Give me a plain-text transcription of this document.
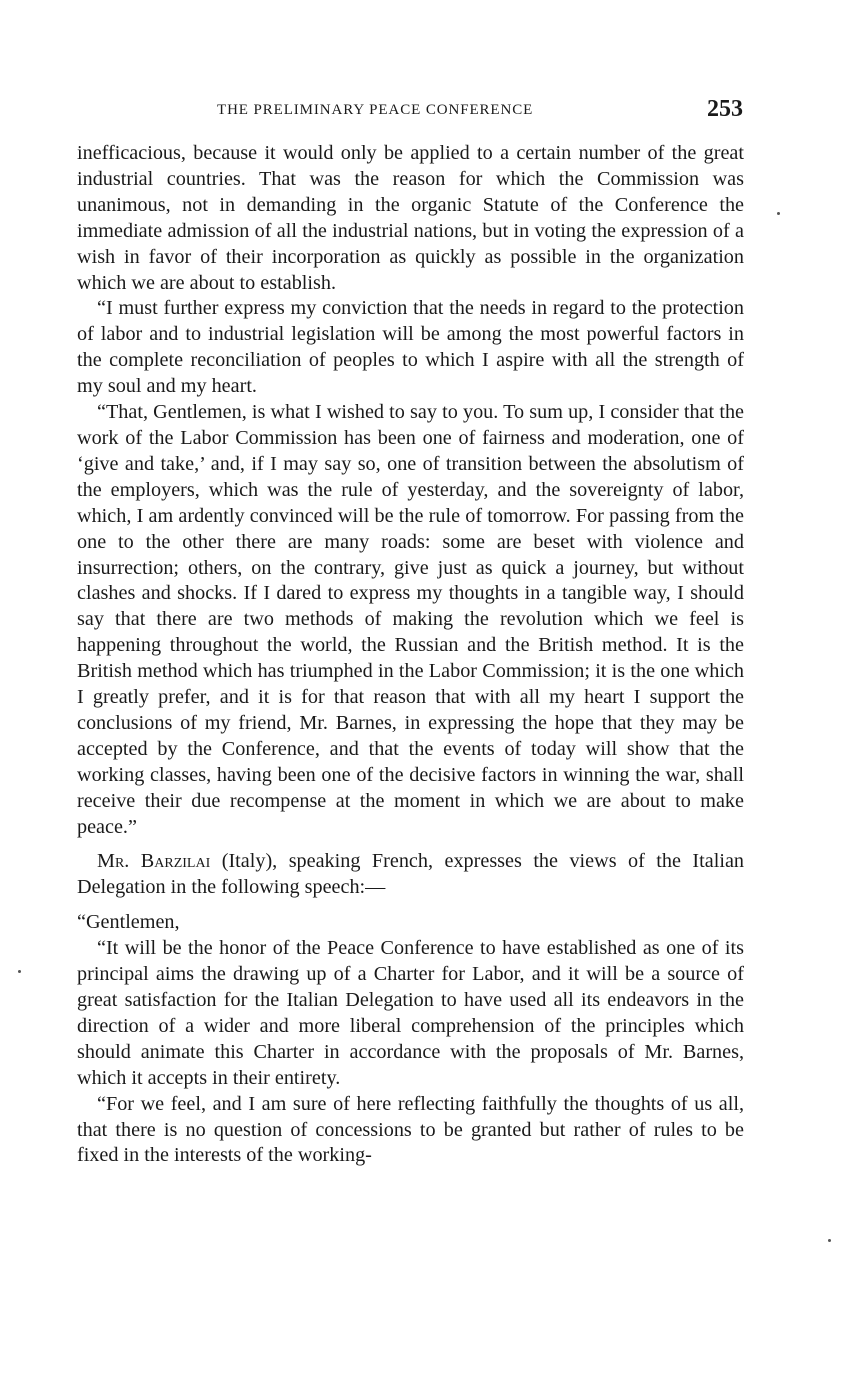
THE PRELIMINARY PEACE CONFERENCE	253

inefficacious, because it would only be applied to a certain number of the great industrial countries. That was the reason for which the Commission was unanimous, not in demanding in the organic Statute of the Conference the immediate admission of all the industrial nations, but in voting the expression of a wish in favor of their incorporation as quickly as possible in the organization which we are about to establish.

“I must further express my conviction that the needs in regard to the protection of labor and to industrial legislation will be among the most powerful factors in the complete reconciliation of peoples to which I aspire with all the strength of my soul and my heart.

“That, Gentlemen, is what I wished to say to you. To sum up, I consider that the work of the Labor Commission has been one of fairness and moderation, one of ‘give and take,’ and, if I may say so, one of transition between the absolutism of the employers, which was the rule of yesterday, and the sovereignty of labor, which, I am ardently convinced will be the rule of tomorrow. For passing from the one to the other there are many roads: some are beset with violence and insurrection; others, on the contrary, give just as quick a journey, but without clashes and shocks. If I dared to express my thoughts in a tangible way, I should say that there are two methods of making the revolution which we feel is happening throughout the world, the Russian and the British method. It is the British method which has triumphed in the Labor Commission; it is the one which I greatly prefer, and it is for that reason that with all my heart I support the conclusions of my friend, Mr. Barnes, in expressing the hope that they may be accepted by the Conference, and that the events of today will show that the working classes, having been one of the decisive factors in winning the war, shall receive their due recompense at the moment in which we are about to make peace.”

Mr. Barzilai (Italy), speaking French, expresses the views of the Italian Delegation in the following speech:—

“Gentlemen,

“It will be the honor of the Peace Conference to have established as one of its principal aims the drawing up of a Charter for Labor, and it will be a source of great satisfaction for the Italian Delegation to have used all its endeavors in the direction of a wider and more liberal comprehension of the principles which should animate this Charter in accordance with the proposals of Mr. Barnes, which it accepts in their entirety.

“For we feel, and I am sure of here reflecting faithfully the thoughts of us all, that there is no question of concessions to be granted but rather of rules to be fixed in the interests of the working-
